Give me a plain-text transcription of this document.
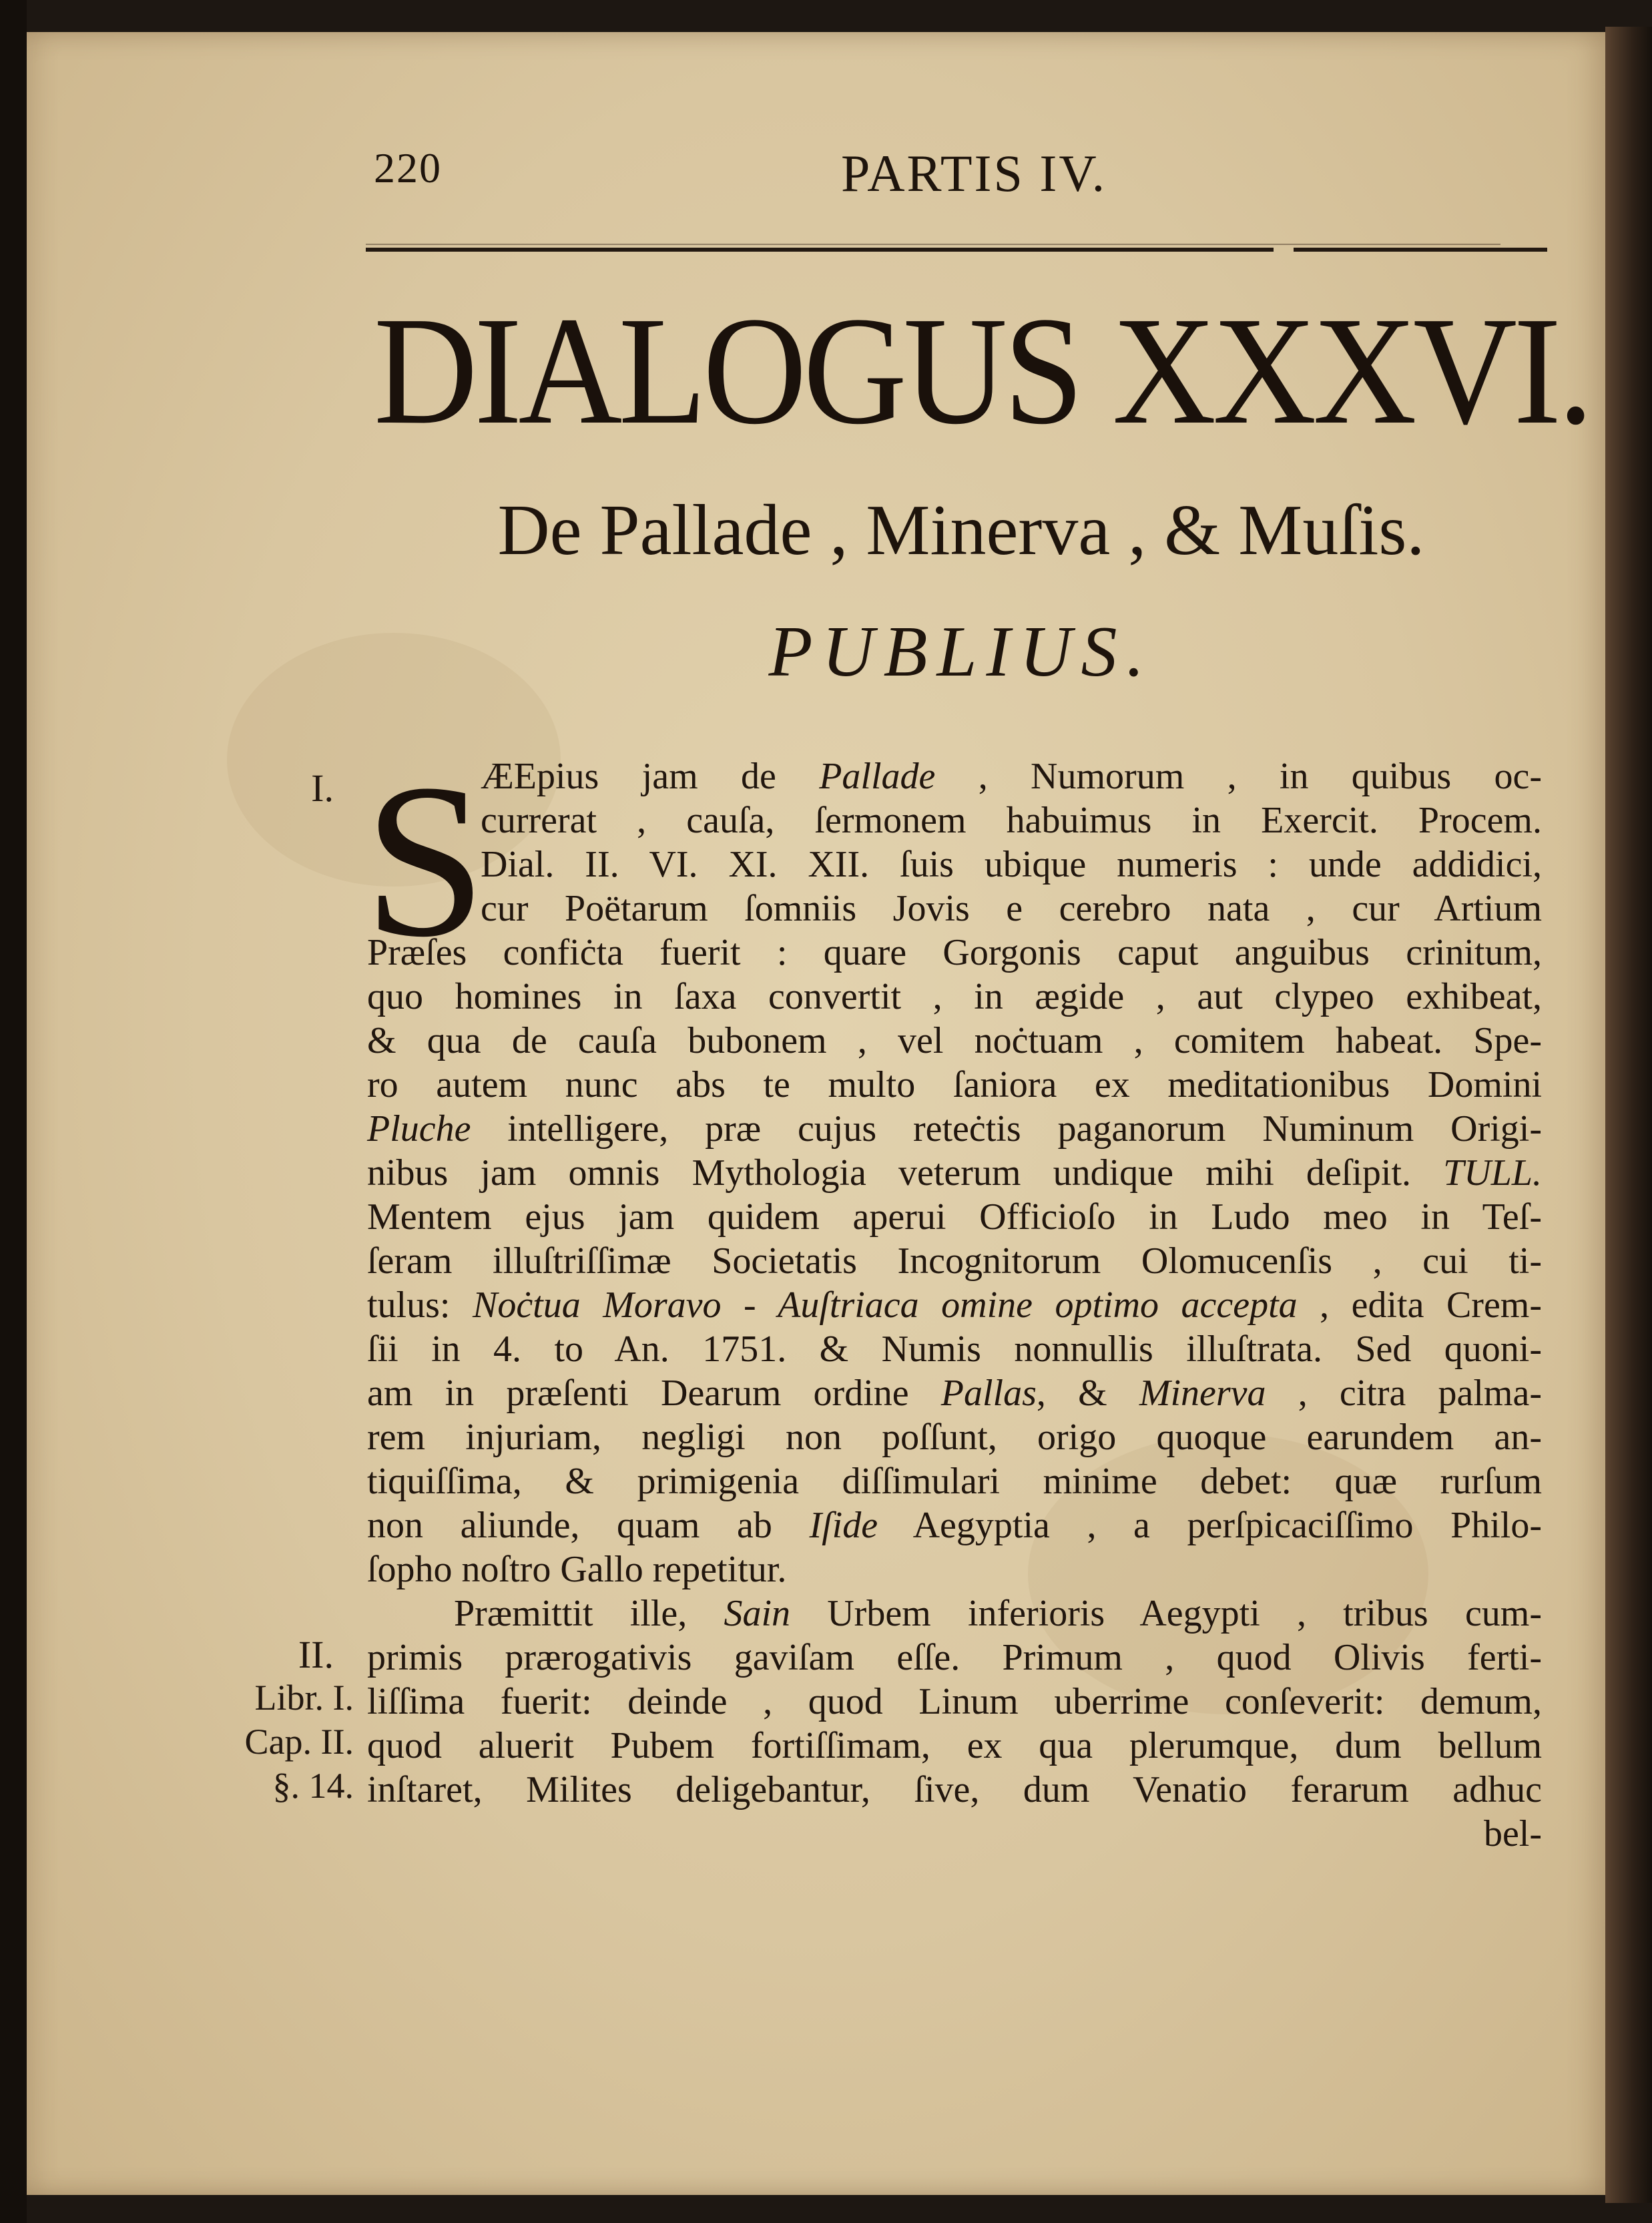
220	PARTIS IV.
DIALOGUS XXXVI.
De Pallade , Minerva , & Muſis.
PUBLIUS.
I.
II.
Libr. I.
Cap. II.
§. 14.
S
ÆEpius jam de Pallade , Numorum , in quibus oc-
currerat , cauſa, ſermonem habuimus in Exercit. Procem.
Dial. II. VI. XI. XII. ſuis ubique numeris : unde addidici,
cur Poëtarum ſomniis Jovis e cerebro nata , cur Artium
Præſes confiċta fuerit : quare Gorgonis caput anguibus crinitum,
quo homines in ſaxa convertit , in ægide , aut clypeo exhibeat,
& qua de cauſa bubonem , vel noċtuam , comitem habeat. Spe-
ro autem nunc abs te multo ſaniora ex meditationibus Domini
Pluche intelligere, præ cujus reteċtis paganorum Numinum Origi-
nibus jam omnis Mythologia veterum undique mihi deſipit. TULL.
Mentem ejus jam quidem aperui Officioſo in Ludo meo in Teſ-
ſeram illuſtriſſimæ Societatis Incognitorum Olomucenſis , cui ti-
tulus: Noċtua Moravo - Auſtriaca omine optimo accepta , edita Crem-
ſii in 4. to An. 1751. & Numis nonnullis illuſtrata. Sed quoni-
am in præſenti Dearum ordine Pallas, & Minerva , citra palma-
rem injuriam, negligi non poſſunt, origo quoque earundem an-
tiquiſſima, & primigenia diſſimulari minime debet: quæ rurſum
non aliunde, quam ab Iſide Aegyptia , a perſpicaciſſimo Philo-
ſopho noſtro Gallo repetitur.
Præmittit ille, Sain Urbem inferioris Aegypti , tribus cum-
primis prærogativis gaviſam eſſe. Primum , quod Olivis ferti-
liſſima fuerit: deinde , quod Linum uberrime conſeverit: demum,
quod aluerit Pubem fortiſſimam, ex qua plerumque, dum bellum
inſtaret, Milites deligebantur, ſive, dum Venatio ferarum adhuc
bel-
